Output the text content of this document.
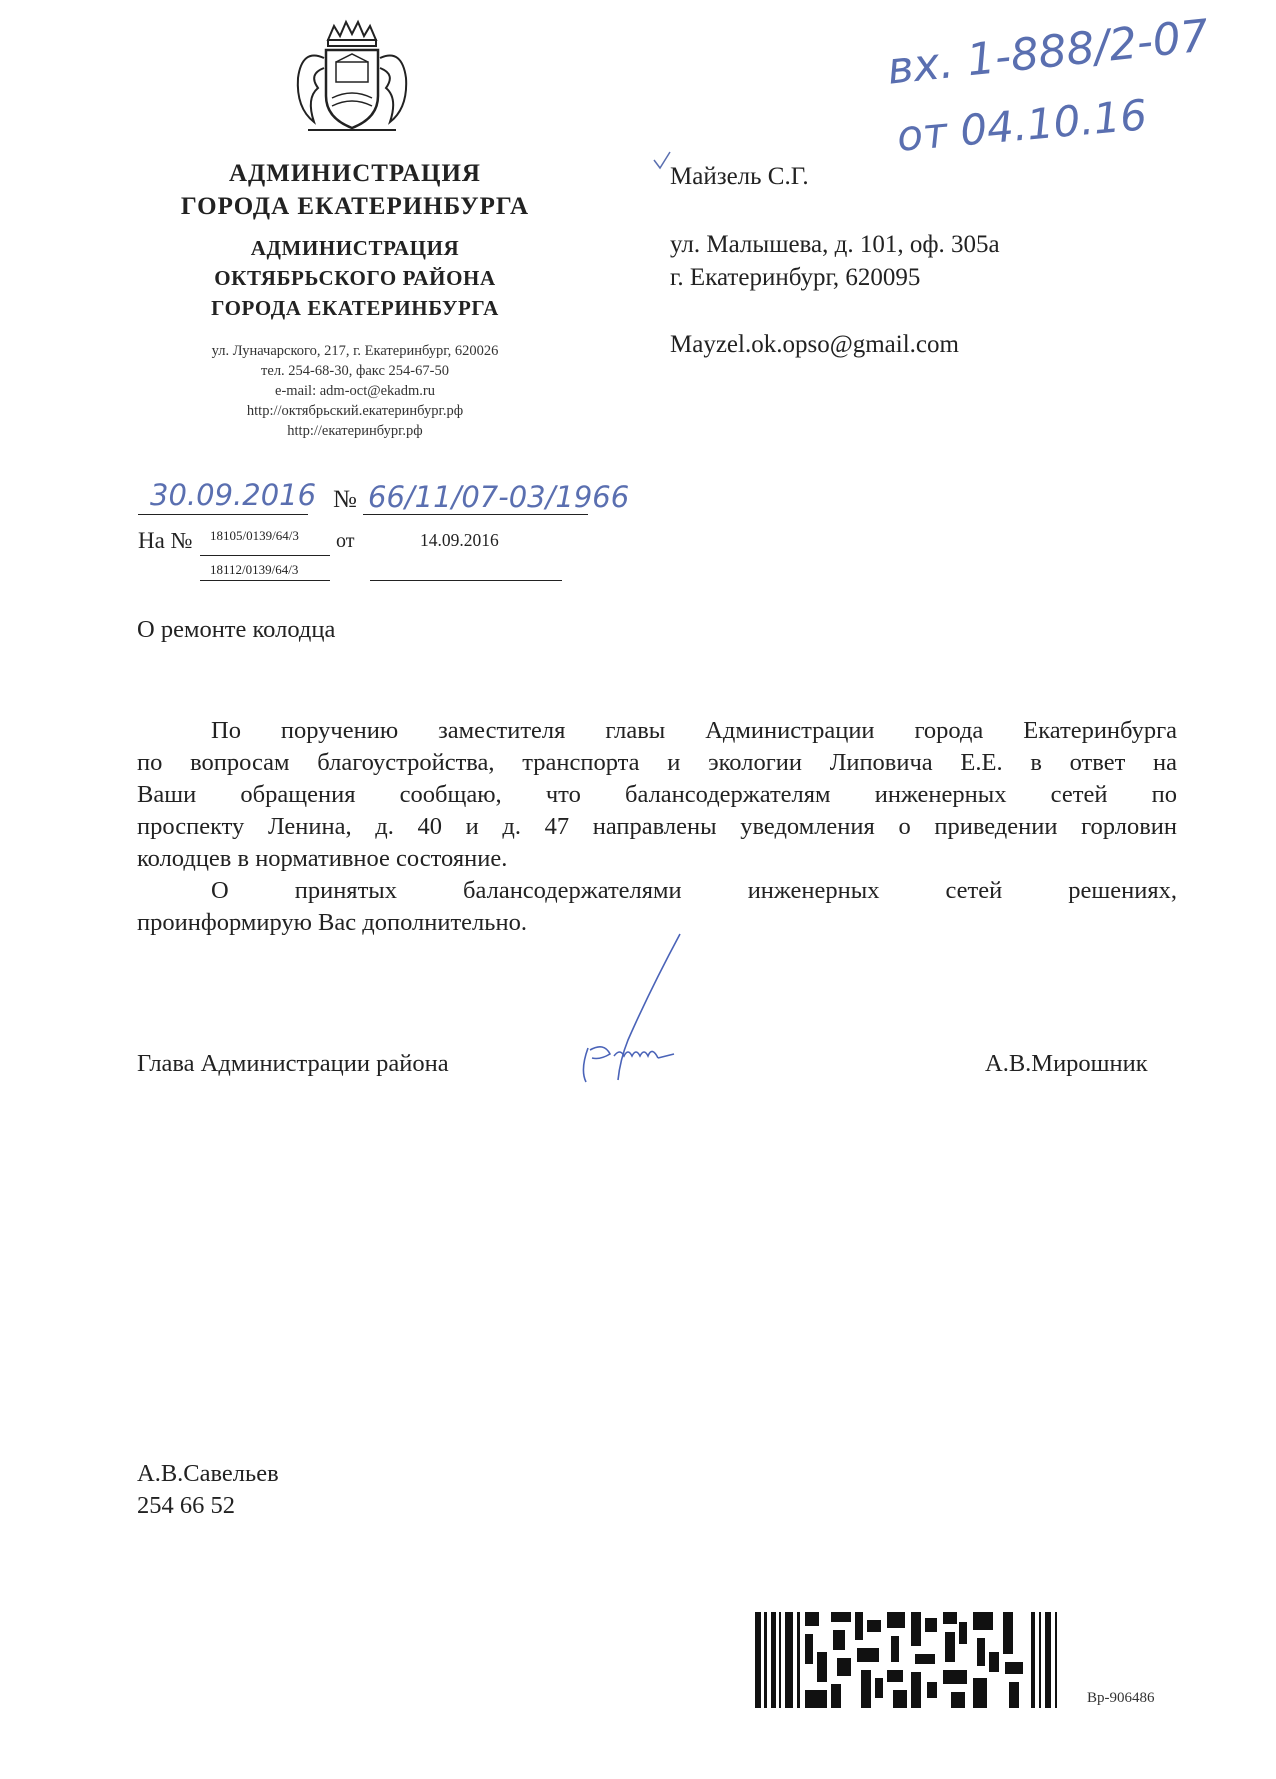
АДМИНИСТРАЦИЯ
ГОРОДА ЕКАТЕРИНБУРГА
АДМИНИСТРАЦИЯ
ОКТЯБРЬСКОГО РАЙОНА
ГОРОДА ЕКАТЕРИНБУРГА
ул. Луначарского, 217, г. Екатеринбург, 620026
тел. 254-68-30, факс 254-67-50
e-mail: adm-oct@ekadm.ru
http://октябрьский.екатеринбург.рф
http://екатеринбург.рф
вх. 1-888/2-07
от 04.10.16
Майзель С.Г.
ул. Малышева, д. 101, оф. 305а
г. Екатеринбург, 620095
Mayzel.ok.opso@gmail.com
30.09.2016 № 66/11/07-03/1966
На № 18105/0139/64/3
18112/0139/64/3
от	14.09.2016
О ремонте колодца
По поручению заместителя главы Администрации города Екатеринбурга
по вопросам благоустройства, транспорта и экологии Липовича Е.Е. в ответ на
Ваши обращения сообщаю, что балансодержателям инженерных сетей по
проспекту Ленина, д. 40 и д. 47 направлены уведомления о приведении горловин
колодцев в нормативное состояние.
О принятых балансодержателями инженерных сетей решениях,
проинформирую Вас дополнительно.
Глава Администрации района	А.В.Мирошник
А.В.Савельев
254 66 52
Вр-906486
